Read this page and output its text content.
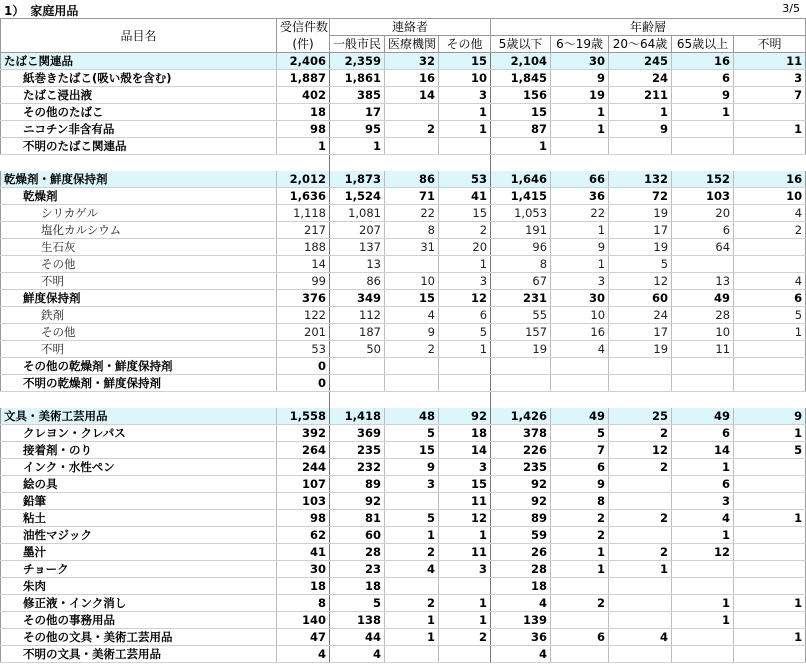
1）　家庭用品	3/5
品目名	受信件数	連絡者			年齢層				
	(件)	一般市民	医療機関	その他	5歳以下	6～19歳	20～64歳	65歳以上	不明
たばこ関連品	2,406	2,359	32	15	2,104	30	245	16	11
紙巻きたばこ(吸い殻を含む)	1,887	1,861	16	10	1,845	9	24	6	3
たばこ浸出液	402	385	14	3	156	19	211	9	7
その他のたばこ	18	17		1	15	1	1	1	
ニコチン非含有品	98	95	2	1	87	1	9		1
不明のたばこ関連品	1	1			1				

乾燥剤・鮮度保持剤	2,012	1,873	86	53	1,646	66	132	152	16
乾燥剤	1,636	1,524	71	41	1,415	36	72	103	10
シリカゲル	1,118	1,081	22	15	1,053	22	19	20	4
塩化カルシウム	217	207	8	2	191	1	17	6	2
生石灰	188	137	31	20	96	9	19	64	
その他	14	13		1	8	1	5		
不明	99	86	10	3	67	3	12	13	4
鮮度保持剤	376	349	15	12	231	30	60	49	6
鉄剤	122	112	4	6	55	10	24	28	5
その他	201	187	9	5	157	16	17	10	1
不明	53	50	2	1	19	4	19	11	
その他の乾燥剤・鮮度保持剤	0								
不明の乾燥剤・鮮度保持剤	0								

文具・美術工芸用品	1,558	1,418	48	92	1,426	49	25	49	9
クレヨン・クレパス	392	369	5	18	378	5	2	6	1
接着剤・のり	264	235	15	14	226	7	12	14	5
インク・水性ペン	244	232	9	3	235	6	2	1	
絵の具	107	89	3	15	92	9		6	
鉛筆	103	92		11	92	8		3	
粘土	98	81	5	12	89	2	2	4	1
油性マジック	62	60	1	1	59	2		1	
墨汁	41	28	2	11	26	1	2	12	
チョーク	30	23	4	3	28	1	1		
朱肉	18	18			18				
修正液・インク消し	8	5	2	1	4	2		1	1
その他の事務用品	140	138	1	1	139			1	
その他の文具・美術工芸用品	47	44	1	2	36	6	4		1
不明の文具・美術工芸用品	4	4			4				
